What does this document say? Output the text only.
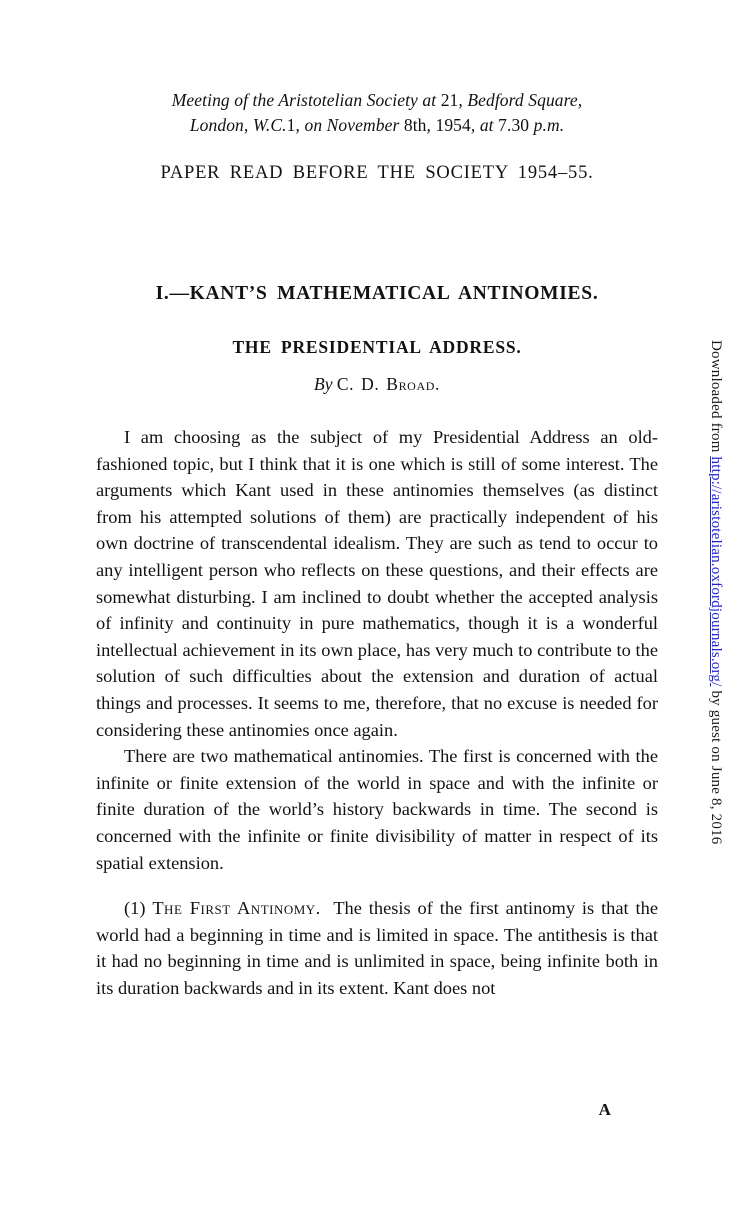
Meeting of the Aristotelian Society at 21, Bedford Square,
London, W.C.1, on November 8th, 1954, at 7.30 p.m.
PAPER READ BEFORE THE SOCIETY 1954–55.
I.—KANT’S MATHEMATICAL ANTINOMIES.
THE PRESIDENTIAL ADDRESS.
By C. D. Broad.

I am choosing as the subject of my Presidential Address an old-fashioned topic, but I think that it is one which is still of some interest. The arguments which Kant used in these antinomies themselves (as distinct from his attempted solutions of them) are practically independent of his own doctrine of transcendental idealism. They are such as tend to occur to any intelligent person who reflects on these questions, and their effects are somewhat disturbing. I am inclined to doubt whether the accepted analysis of infinity and continuity in pure mathematics, though it is a wonderful intellectual achievement in its own place, has very much to contribute to the solution of such difficulties about the extension and duration of actual things and processes. It seems to me, therefore, that no excuse is needed for considering these antinomies once again.

There are two mathematical antinomies. The first is concerned with the infinite or finite extension of the world in space and with the infinite or finite duration of the world’s history backwards in time. The second is concerned with the infinite or finite divisibility of matter in respect of its spatial extension.

(1) The First Antinomy. The thesis of the first antinomy is that the world had a beginning in time and is limited in space. The antithesis is that it had no beginning in time and is unlimited in space, being infinite both in its duration backwards and in its extent. Kant does not

A
Downloaded from http://aristotelian.oxfordjournals.org/ by guest on June 8, 2016
